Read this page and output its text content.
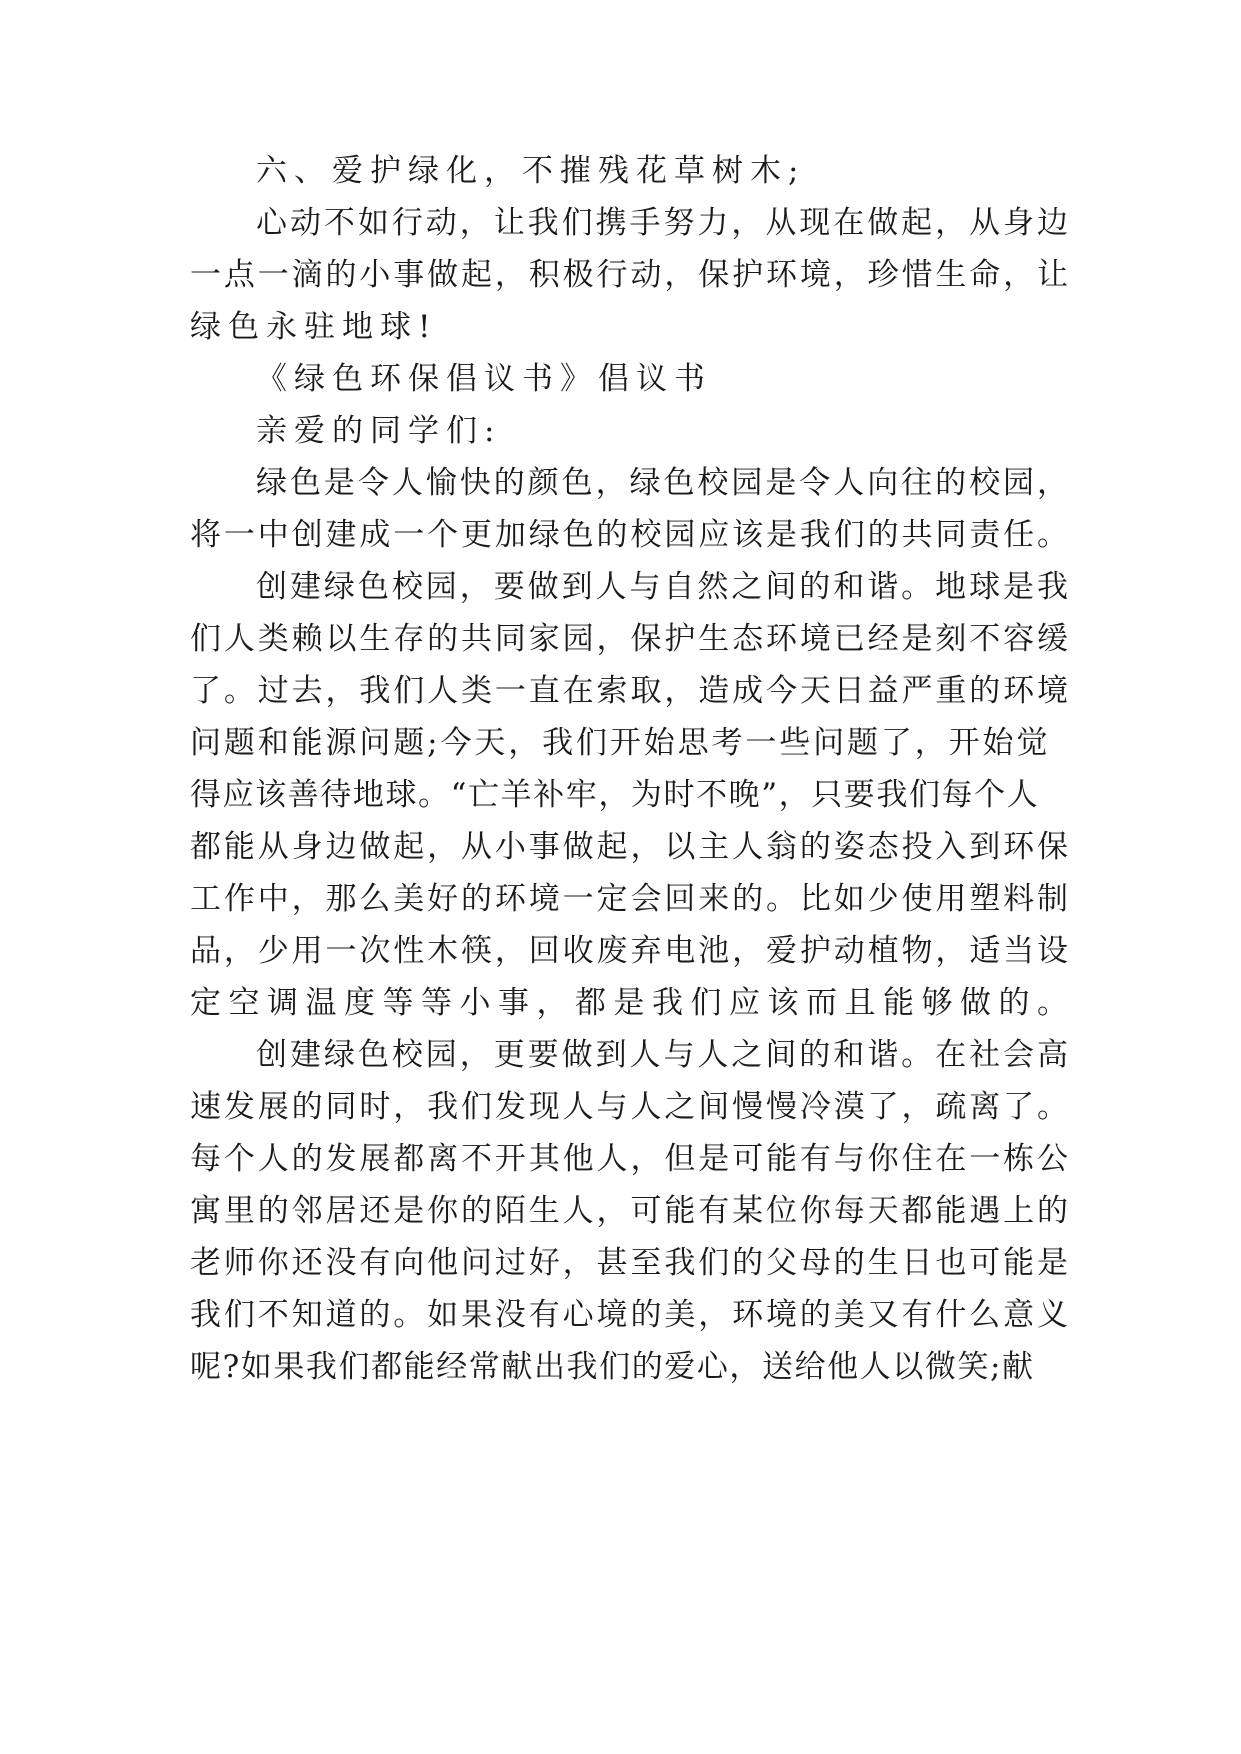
六、爱护绿化，不摧残花草树木;

心动不如行动，让我们携手努力，从现在做起，从身边

一点一滴的小事做起，积极行动，保护环境，珍惜生命，让

绿色永驻地球!

《绿色环保倡议书》倡议书

亲爱的同学们:

绿色是令人愉快的颜色，绿色校园是令人向往的校园，

将一中创建成一个更加绿色的校园应该是我们的共同责任。

创建绿色校园，要做到人与自然之间的和谐。地球是我

们人类赖以生存的共同家园，保护生态环境已经是刻不容缓

了。过去，我们人类一直在索取，造成今天日益严重的环境

问题和能源问题;今天，我们开始思考一些问题了，开始觉

得应该善待地球。“亡羊补牢，为时不晚”，只要我们每个人

都能从身边做起，从小事做起，以主人翁的姿态投入到环保

工作中，那么美好的环境一定会回来的。比如少使用塑料制

品，少用一次性木筷，回收废弃电池，爱护动植物，适当设

定空调温度等等小事，都是我们应该而且能够做的。

创建绿色校园，更要做到人与人之间的和谐。在社会高

速发展的同时，我们发现人与人之间慢慢冷漠了，疏离了。

每个人的发展都离不开其他人，但是可能有与你住在一栋公

寓里的邻居还是你的陌生人，可能有某位你每天都能遇上的

老师你还没有向他问过好，甚至我们的父母的生日也可能是

我们不知道的。如果没有心境的美，环境的美又有什么意义

呢?如果我们都能经常献出我们的爱心，送给他人以微笑;献
